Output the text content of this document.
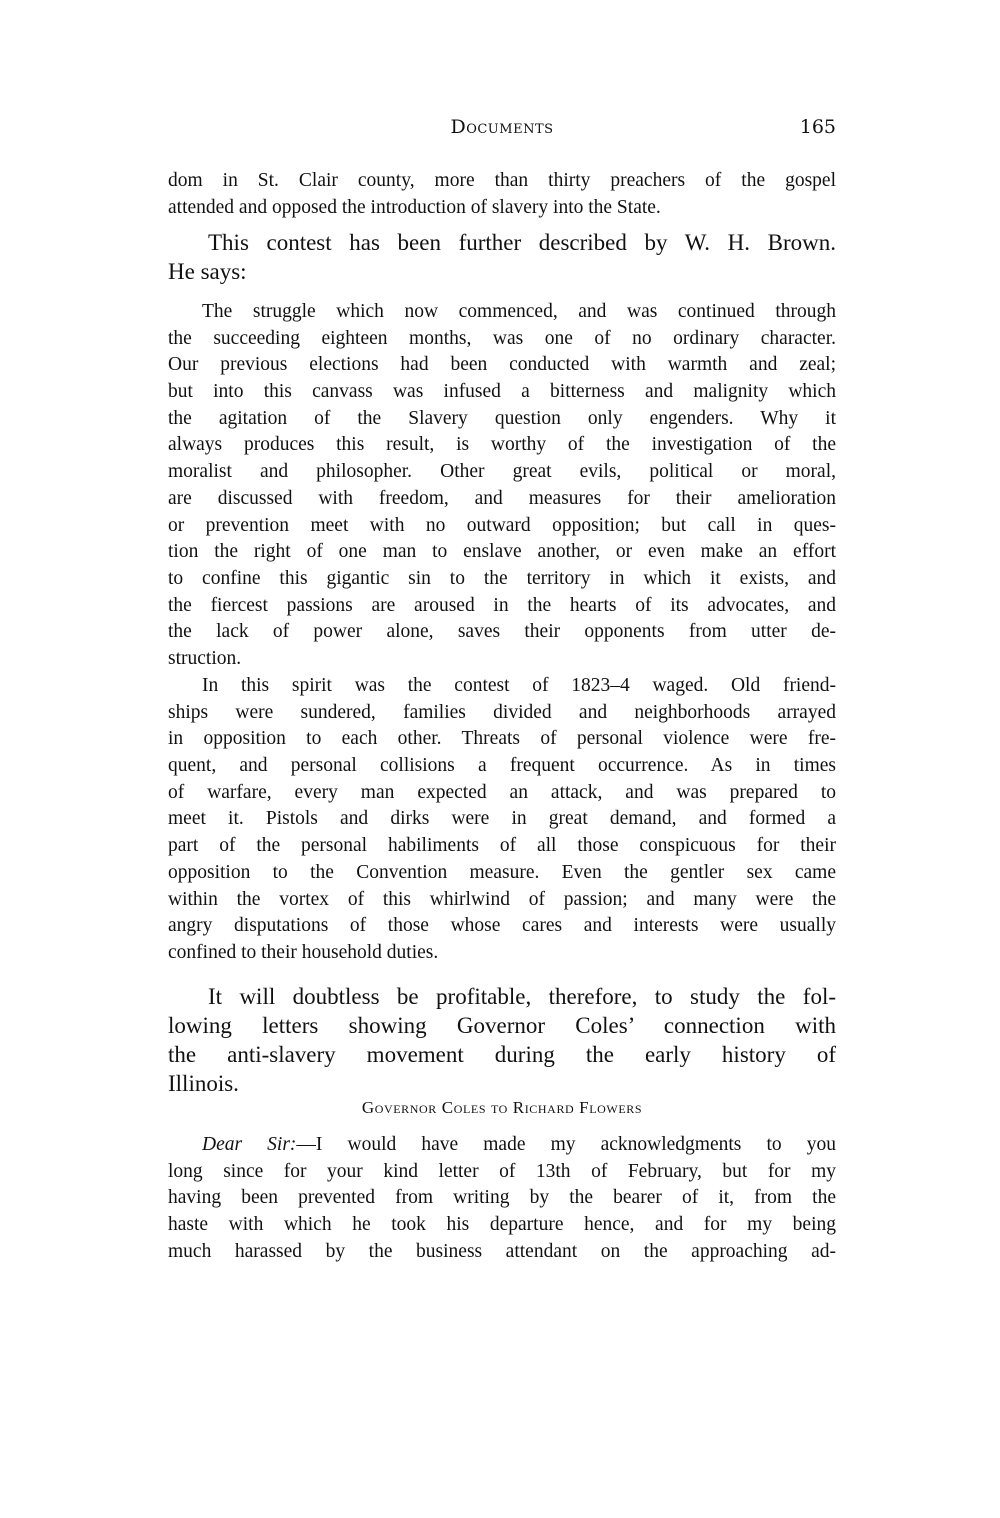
Documents	165
dom in St. Clair county, more than thirty preachers of the gospel
attended and opposed the introduction of slavery into the State.
This contest has been further described by W. H. Brown.
He says:
The struggle which now commenced, and was continued through
the succeeding eighteen months, was one of no ordinary character.
Our previous elections had been conducted with warmth and zeal;
but into this canvass was infused a bitterness and malignity which
the agitation of the Slavery question only engenders. Why it
always produces this result, is worthy of the investigation of the
moralist and philosopher. Other great evils, political or moral,
are discussed with freedom, and measures for their amelioration
or prevention meet with no outward opposition; but call in ques-
tion the right of one man to enslave another, or even make an effort
to confine this gigantic sin to the territory in which it exists, and
the fiercest passions are aroused in the hearts of its advocates, and
the lack of power alone, saves their opponents from utter de-
struction.
In this spirit was the contest of 1823–4 waged. Old friend-
ships were sundered, families divided and neighborhoods arrayed
in opposition to each other. Threats of personal violence were fre-
quent, and personal collisions a frequent occurrence. As in times
of warfare, every man expected an attack, and was prepared to
meet it. Pistols and dirks were in great demand, and formed a
part of the personal habiliments of all those conspicuous for their
opposition to the Convention measure. Even the gentler sex came
within the vortex of this whirlwind of passion; and many were the
angry disputations of those whose cares and interests were usually
confined to their household duties.
It will doubtless be profitable, therefore, to study the fol-
lowing letters showing Governor Coles’ connection with
the anti-slavery movement during the early history of
Illinois.
Governor Coles to Richard Flowers
Dear Sir:—I would have made my acknowledgments to you
long since for your kind letter of 13th of February, but for my
having been prevented from writing by the bearer of it, from the
haste with which he took his departure hence, and for my being
much harassed by the business attendant on the approaching ad-
